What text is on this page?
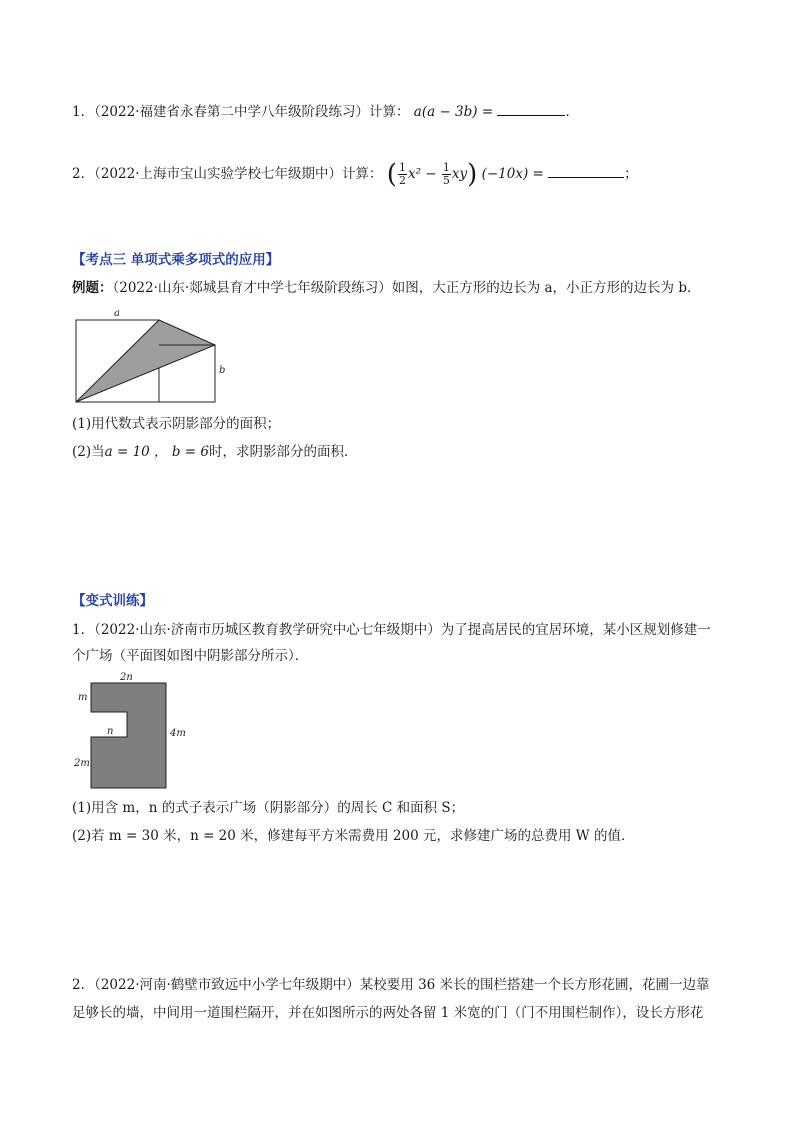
1．（2022·福建省永春第二中学八年级阶段练习）计算： a(a − 3b) =	．
2．（2022·上海市宝山实验学校七年级期中）计算： ( $\frac{1}{2} x^2 - \frac{1}{5} xy$) (−10x) =	；
【考点三 单项式乘多项式的应用】
例题：（2022·山东·郯城县育才中学七年级阶段练习）如图，大正方形的边长为 a，小正方形的边长为 b．
a
b
(1)用代数式表示阴影部分的面积；
(2)当a = 10 ， b = 6时，求阴影部分的面积．
【变式训练】
1．（2022·山东·济南市历城区教育教学研究中心七年级期中）为了提高居民的宜居环境，某小区规划修建一
个广场（平面图如图中阴影部分所示）．
2n
m
n	4m
2m
(1)用含 m，n 的式子表示广场（阴影部分）的周长 C 和面积 S；
(2)若 m = 30 米，n = 20 米，修建每平方米需费用 200 元，求修建广场的总费用 W 的值．
2．（2022·河南·鹤壁市致远中小学七年级期中）某校要用 36 米长的围栏搭建一个长方形花圃，花圃一边靠
足够长的墙，中间用一道围栏隔开，并在如图所示的两处各留 1 米宽的门（门不用围栏制作），设长方形花
